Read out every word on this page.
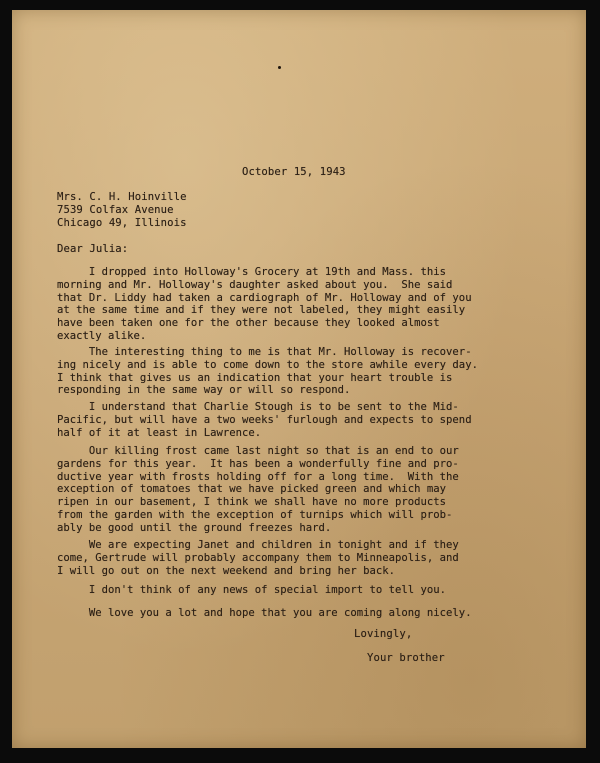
October 15, 1943
Mrs. C. H. Hoinville
7539 Colfax Avenue
Chicago 49, Illinois
Dear Julia:
I dropped into Holloway's Grocery at 19th and Mass. this
morning and Mr. Holloway's daughter asked about you.  She said
that Dr. Liddy had taken a cardiograph of Mr. Holloway and of you
at the same time and if they were not labeled, they might easily
have been taken one for the other because they looked almost
exactly alike.
The interesting thing to me is that Mr. Holloway is recover-
ing nicely and is able to come down to the store awhile every day.
I think that gives us an indication that your heart trouble is
responding in the same way or will so respond.
I understand that Charlie Stough is to be sent to the Mid-
Pacific, but will have a two weeks' furlough and expects to spend
half of it at least in Lawrence.
Our killing frost came last night so that is an end to our
gardens for this year.  It has been a wonderfully fine and pro-
ductive year with frosts holding off for a long time.  With the
exception of tomatoes that we have picked green and which may
ripen in our basement, I think we shall have no more products
from the garden with the exception of turnips which will prob-
ably be good until the ground freezes hard.
We are expecting Janet and children in tonight and if they
come, Gertrude will probably accompany them to Minneapolis, and
I will go out on the next weekend and bring her back.
I don't think of any news of special import to tell you.
We love you a lot and hope that you are coming along nicely.
Lovingly,
Your brother
